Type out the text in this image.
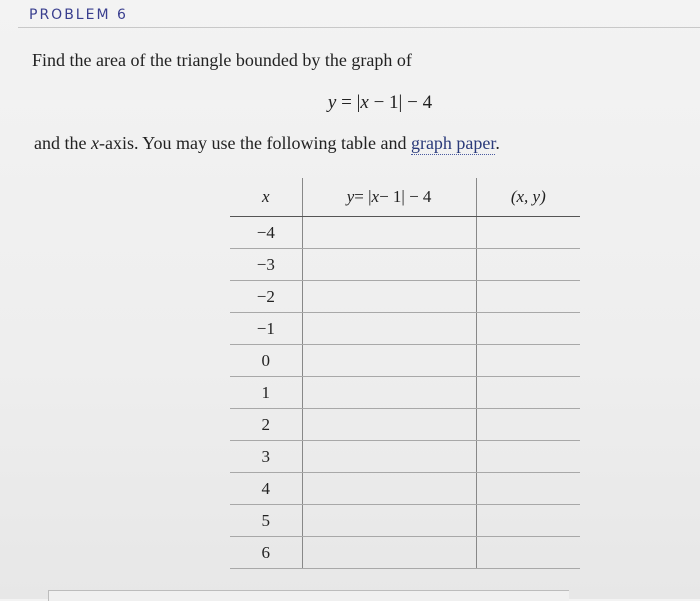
PROBLEM 6
Find the area of the triangle bounded by the graph of
y = |x − 1| − 4
and the x-axis. You may use the following table and graph paper.
x	y = | x − 1| − 4	(x, y)
−4
−3
−2
−1
0
1
2
3
4
5
6
